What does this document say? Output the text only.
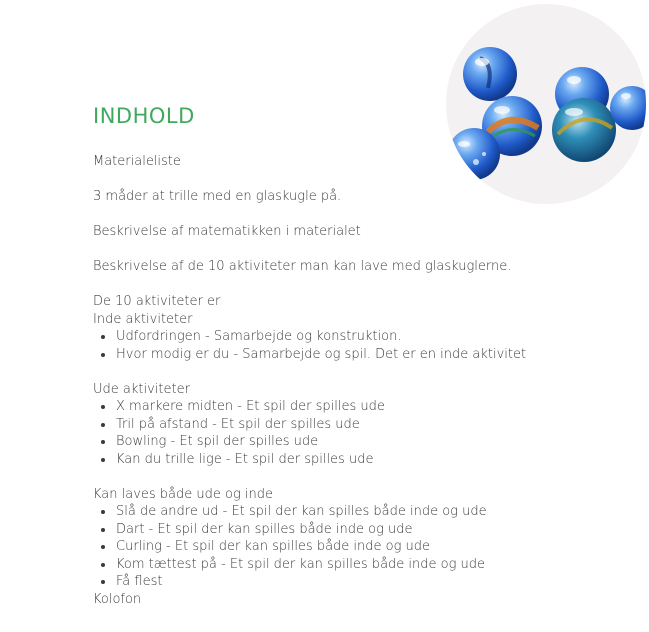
INDHOLD

Materialeliste

3 måder at trille med en glaskugle på.

Beskrivelse af matematikken i materialet

Beskrivelse af de 10 aktiviteter man kan lave med glaskuglerne.

De 10 aktiviteter er

Inde aktiviteter

• Udfordringen - Samarbejde og konstruktion.
• Hvor modig er du - Samarbejde og spil. Det er en inde aktivitet

Ude aktiviteter

• X markere midten - Et spil der spilles ude
• Tril på afstand - Et spil der spilles ude
• Bowling - Et spil der spilles ude
• Kan du trille lige - Et spil der spilles ude

Kan laves både ude og inde

• Slå de andre ud - Et spil der kan spilles både inde og ude
• Dart - Et spil der kan spilles både inde og ude
• Curling - Et spil der kan spilles både inde og ude
• Kom tættest på - Et spil der kan spilles både inde og ude
• Få flest

Kolofon
